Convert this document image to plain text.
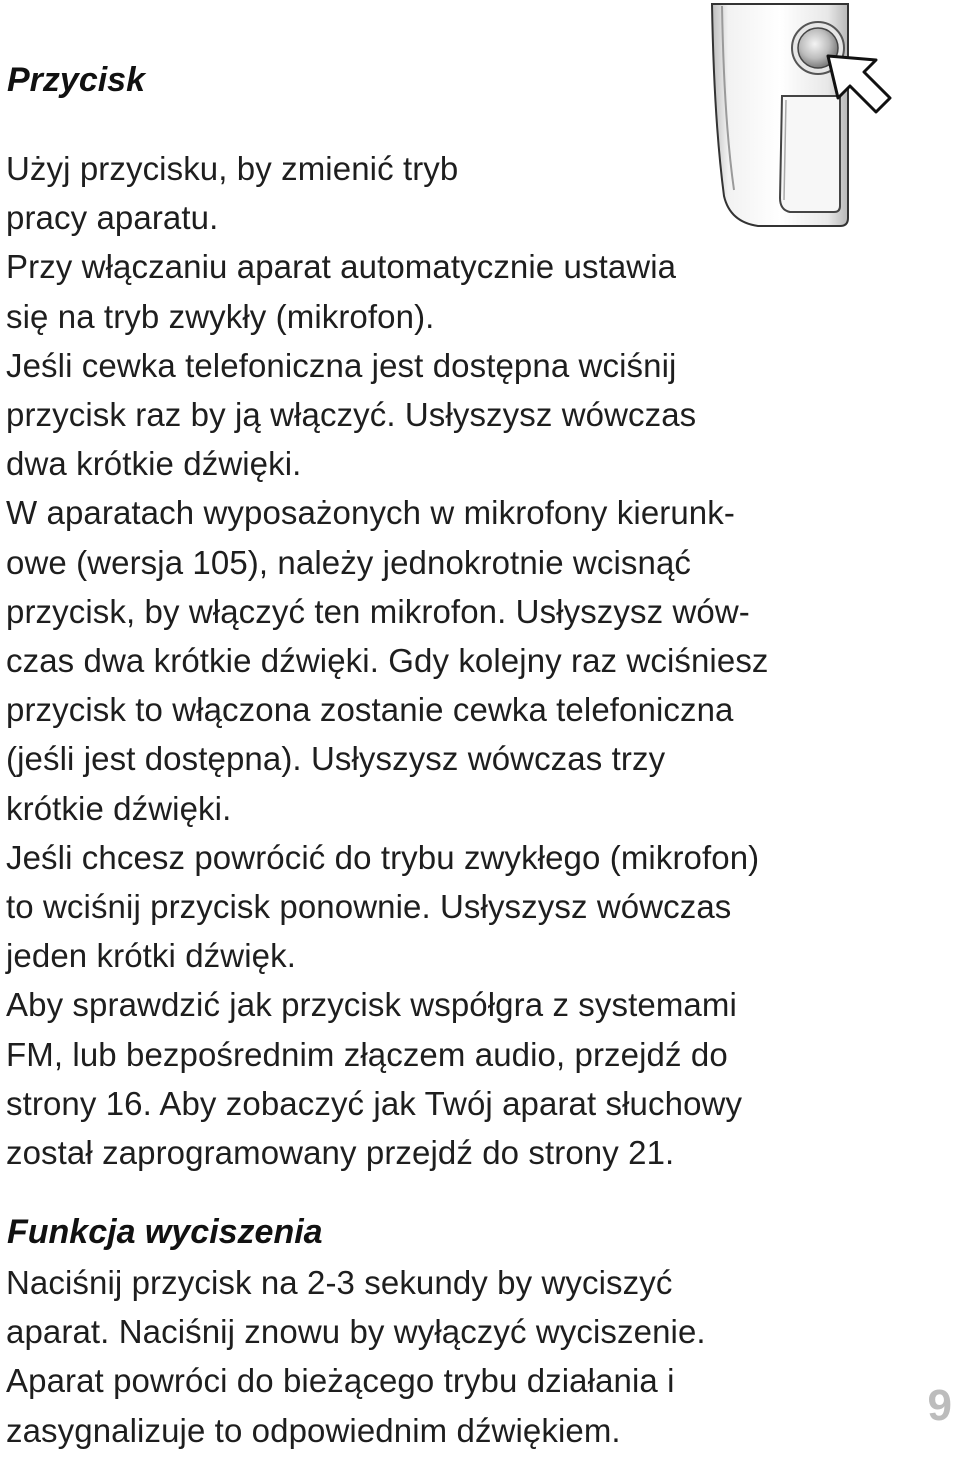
Przycisk
Użyj przycisku, by zmienić tryb
pracy aparatu.
Przy włączaniu aparat automatycznie ustawia
się na tryb zwykły (mikrofon).
Jeśli cewka telefoniczna jest dostępna wciśnij
przycisk raz by ją włączyć. Usłyszysz wówczas
dwa krótkie dźwięki.
W aparatach wyposażonych w mikrofony kierunk-
owe (wersja 105), należy jednokrotnie wcisnąć
przycisk, by włączyć ten mikrofon. Usłyszysz wów-
czas dwa krótkie dźwięki. Gdy kolejny raz wciśniesz
przycisk to włączona zostanie cewka telefoniczna
(jeśli jest dostępna). Usłyszysz wówczas trzy
krótkie dźwięki.
Jeśli chcesz powrócić do trybu zwykłego (mikrofon)
to wciśnij przycisk ponownie. Usłyszysz wówczas
jeden krótki dźwięk.
Aby sprawdzić jak przycisk współgra z systemami
FM, lub bezpośrednim złączem audio, przejdź do
strony 16. Aby zobaczyć jak Twój aparat słuchowy
został zaprogramowany przejdź do strony 21.
Funkcja wyciszenia
Naciśnij przycisk na 2-3 sekundy by wyciszyć
aparat. Naciśnij znowu by wyłączyć wyciszenie.
Aparat powróci do bieżącego trybu działania i
zasygnalizuje to odpowiednim dźwiękiem.
9
